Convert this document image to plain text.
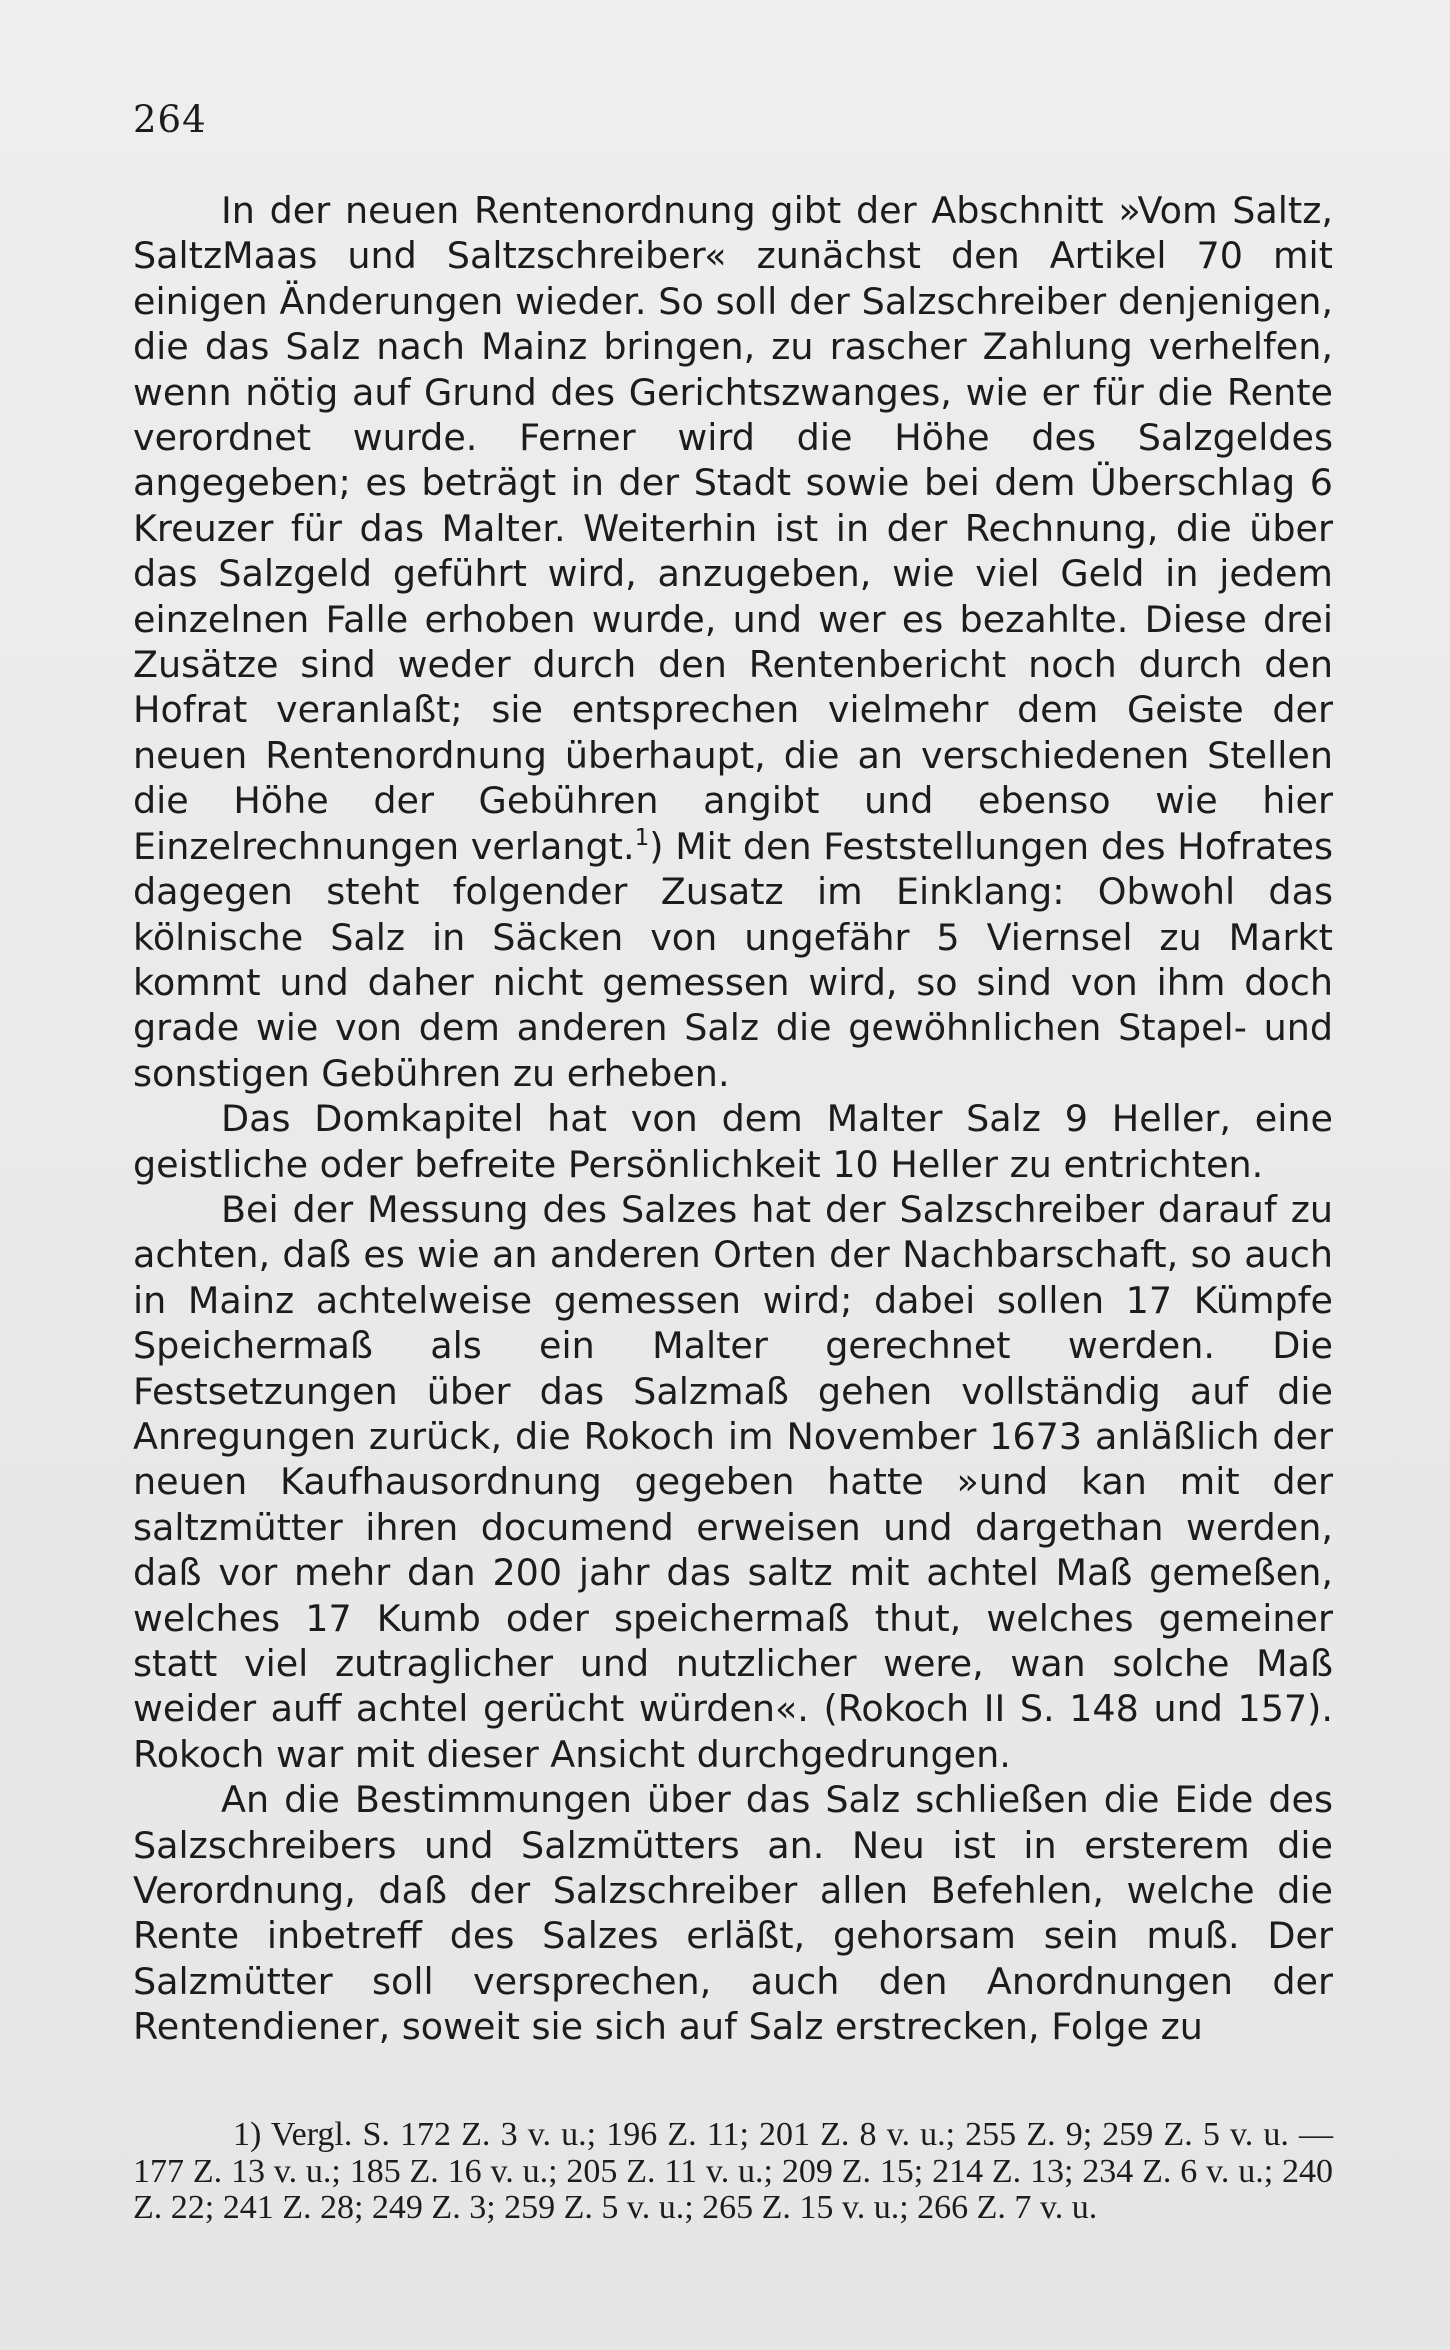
264

In der neuen Rentenordnung gibt der Abschnitt »Vom Saltz, SaltzMaas und Saltzschreiber« zunächst den Artikel 70 mit einigen Änderungen wieder. So soll der Salzschreiber denjenigen, die das Salz nach Mainz bringen, zu rascher Zahlung verhelfen, wenn nötig auf Grund des Gerichtszwanges, wie er für die Rente verordnet wurde. Ferner wird die Höhe des Salzgeldes angegeben; es beträgt in der Stadt sowie bei dem Überschlag 6 Kreuzer für das Malter. Weiterhin ist in der Rechnung, die über das Salzgeld geführt wird, anzugeben, wie viel Geld in jedem einzelnen Falle erhoben wurde, und wer es bezahlte. Diese drei Zusätze sind weder durch den Rentenbericht noch durch den Hofrat veranlaßt; sie entsprechen vielmehr dem Geiste der neuen Rentenordnung überhaupt, die an verschiedenen Stellen die Höhe der Gebühren angibt und ebenso wie hier Einzelrechnungen verlangt.$^1$) Mit den Feststellungen des Hofrates dagegen steht folgender Zusatz im Einklang: Obwohl das kölnische Salz in Säcken von ungefähr 5 Viernsel zu Markt kommt und daher nicht gemessen wird, so sind von ihm doch grade wie von dem anderen Salz die gewöhnlichen Stapel- und sonstigen Gebühren zu erheben.

Das Domkapitel hat von dem Malter Salz 9 Heller, eine geistliche oder befreite Persönlichkeit 10 Heller zu entrichten.

Bei der Messung des Salzes hat der Salzschreiber darauf zu achten, daß es wie an anderen Orten der Nachbarschaft, so auch in Mainz achtelweise gemessen wird; dabei sollen 17 Kümpfe Speichermaß als ein Malter gerechnet werden. Die Festsetzungen über das Salzmaß gehen vollständig auf die Anregungen zurück, die Rokoch im November 1673 anläßlich der neuen Kaufhausordnung gegeben hatte »und kan mit der saltzmütter ihren documend erweisen und dargethan werden, daß vor mehr dan 200 jahr das saltz mit achtel Maß gemeßen, welches 17 Kumb oder speichermaß thut, welches gemeiner statt viel zutraglicher und nutzlicher were, wan solche Maß weider auff achtel gerücht würden«. (Rokoch II S. 148 und 157). Rokoch war mit dieser Ansicht durchgedrungen.

An die Bestimmungen über das Salz schließen die Eide des Salzschreibers und Salzmütters an. Neu ist in ersterem die Verordnung, daß der Salzschreiber allen Befehlen, welche die Rente inbetreff des Salzes erläßt, gehorsam sein muß. Der Salzmütter soll versprechen, auch den Anordnungen der Rentendiener, soweit sie sich auf Salz erstrecken, Folge zu

1) Vergl. S. 172 Z. 3 v. u.; 196 Z. 11; 201 Z. 8 v. u.; 255 Z. 9; 259 Z. 5 v. u. — 177 Z. 13 v. u.; 185 Z. 16 v. u.; 205 Z. 11 v. u.; 209 Z. 15; 214 Z. 13; 234 Z. 6 v. u.; 240 Z. 22; 241 Z. 28; 249 Z. 3; 259 Z. 5 v. u.; 265 Z. 15 v. u.; 266 Z. 7 v. u.
